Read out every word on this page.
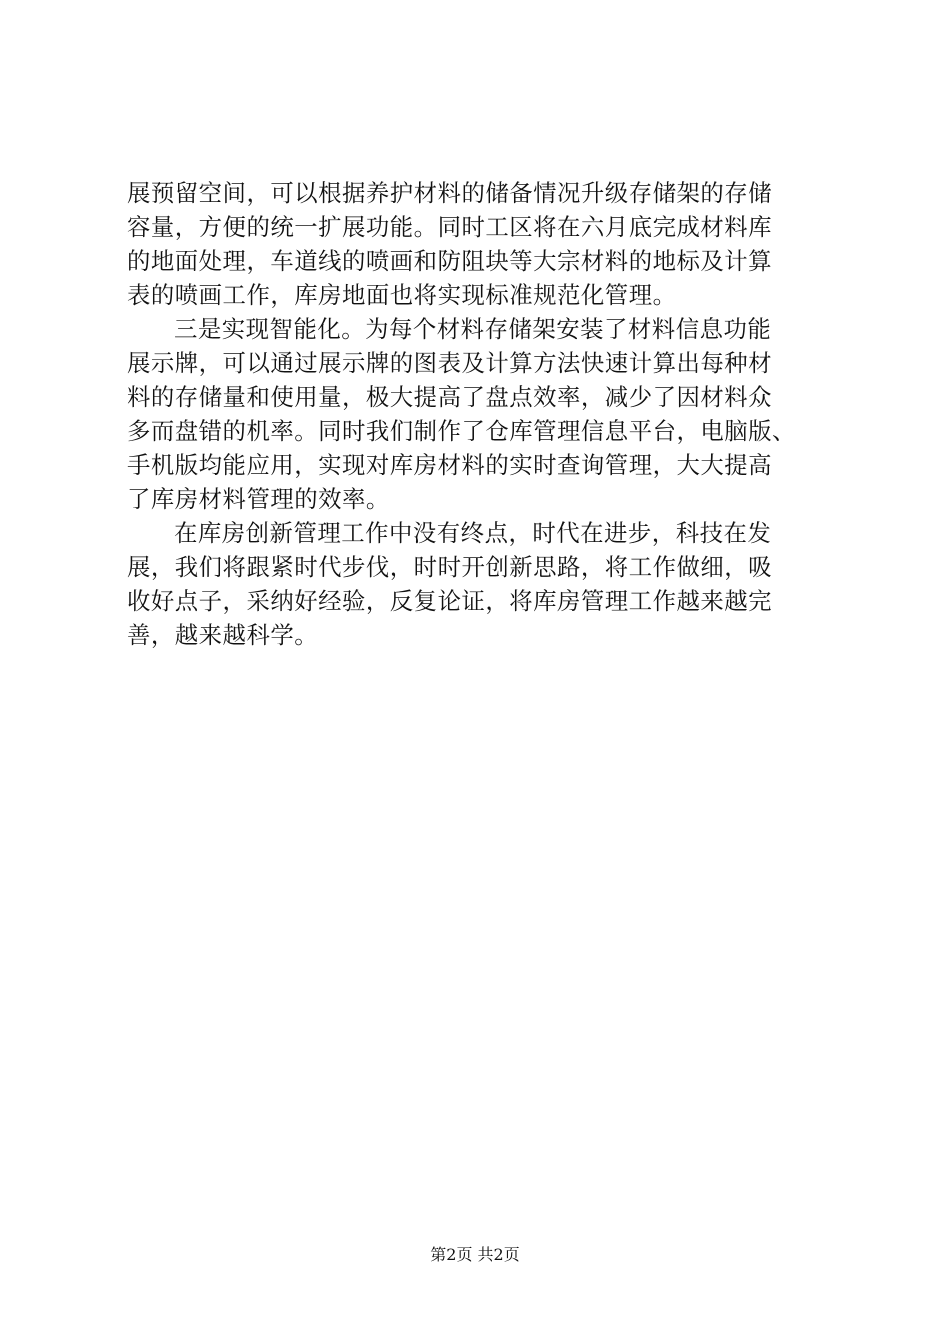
展预留空间，可以根据养护材料的储备情况升级存储架的存储
容量，方便的统一扩展功能。同时工区将在六月底完成材料库
的地面处理，车道线的喷画和防阻块等大宗材料的地标及计算
表的喷画工作，库房地面也将实现标准规范化管理。
三是实现智能化。为每个材料存储架安装了材料信息功能
展示牌，可以通过展示牌的图表及计算方法快速计算出每种材
料的存储量和使用量，极大提高了盘点效率，减少了因材料众
多而盘错的机率。同时我们制作了仓库管理信息平台，电脑版、
手机版均能应用，实现对库房材料的实时查询管理，大大提高
了库房材料管理的效率。
在库房创新管理工作中没有终点，时代在进步，科技在发
展，我们将跟紧时代步伐，时时开创新思路，将工作做细，吸
收好点子，采纳好经验，反复论证，将库房管理工作越来越完
善，越来越科学。
第2页 共2页
